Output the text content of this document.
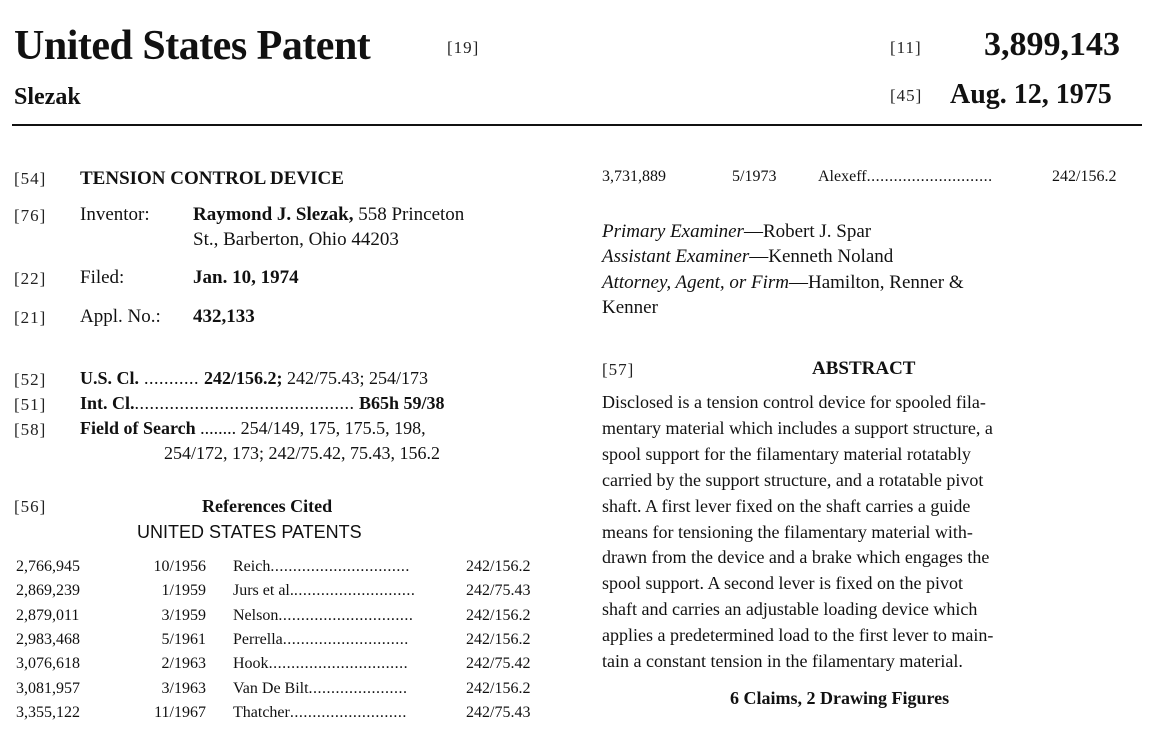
United States Patent	[19]
Slezak
[11] 3,899,143
[45] Aug. 12, 1975
[54] TENSION CONTROL DEVICE
[76] Inventor: Raymond J. Slezak, 558 Princeton
St., Barberton, Ohio 44203
[22] Filed:	Jan. 10, 1974
[21] Appl. No.: 432,133
[52] U.S. Cl. ........... 242/156.2; 242/75.43; 254/173
[51] Int. Cl............................................. B65h 59/38
[58] Field of Search ........ 254/149, 175, 175.5, 198,
254/172, 173; 242/75.42, 75.43, 156.2
[56]	References Cited
UNITED STATES PATENTS
2,766,945	10/1956 Reich...............................	242/156.2
2,869,239	1/1959 Jurs et al............................	242/75.43
2,879,011	3/1959 Nelson..............................	242/156.2
2,983,468	5/1961 Perrella............................	242/156.2
3,076,618	2/1963 Hook...............................	242/75.42
3,081,957	3/1963 Van De Bilt......................	242/156.2
3,355,122	11/1967 Thatcher..........................	242/75.43
3,731,889	5/1973	Alexeff............................	242/156.2
Primary Examiner—Robert J. Spar
Assistant Examiner—Kenneth Noland
Attorney, Agent, or Firm—Hamilton, Renner &
Kenner
[57]	ABSTRACT
Disclosed is a tension control device for spooled fila-
mentary material which includes a support structure, a
spool support for the filamentary material rotatably
carried by the support structure, and a rotatable pivot
shaft. A first lever fixed on the shaft carries a guide
means for tensioning the filamentary material with-
drawn from the device and a brake which engages the
spool support. A second lever is fixed on the pivot
shaft and carries an adjustable loading device which
applies a predetermined load to the first lever to main-
tain a constant tension in the filamentary material.
6 Claims, 2 Drawing Figures
